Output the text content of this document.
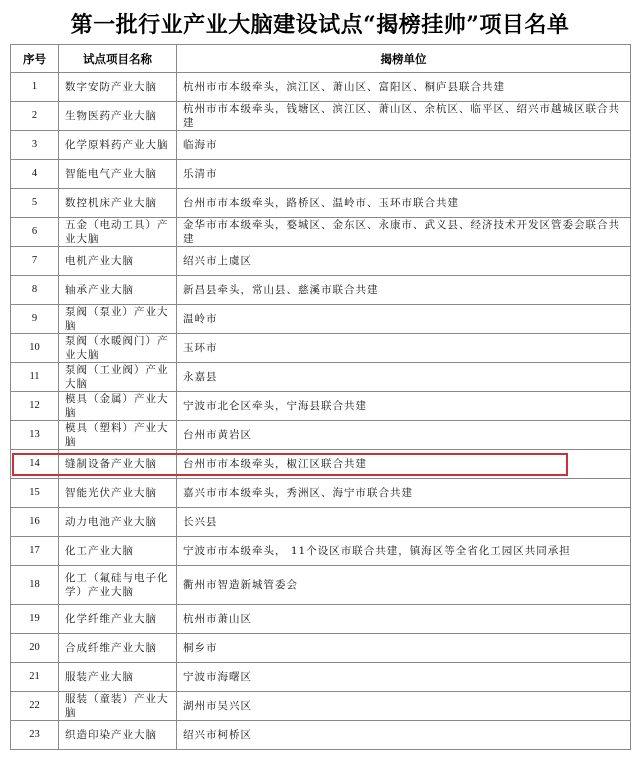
第一批行业产业大脑建设试点“揭榜挂帅”项目名单
序号	试点项目名称	揭榜单位
1	数字安防产业大脑	杭州市市本级牵头，滨江区、萧山区、富阳区、桐庐县联合共建
2	生物医药产业大脑	杭州市市本级牵头，钱塘区、滨江区、萧山区、余杭区、临平区、绍兴市越城区联合共建
3	化学原料药产业大脑	临海市
4	智能电气产业大脑	乐清市
5	数控机床产业大脑	台州市市本级牵头，路桥区、温岭市、玉环市联合共建
6	五金（电动工具）产业大脑	金华市市本级牵头，婺城区、金东区、永康市、武义县、经济技术开发区管委会联合共建
7	电机产业大脑	绍兴市上虞区
8	轴承产业大脑	新昌县牵头，常山县、慈溪市联合共建
9	泵阀（泵业）产业大脑	温岭市
10	泵阀（水暖阀门）产业大脑	玉环市
11	泵阀（工业阀）产业大脑	永嘉县
12	模具（金属）产业大脑	宁波市北仑区牵头，宁海县联合共建
13	模具（塑料）产业大脑	台州市黄岩区
14	缝制设备产业大脑	台州市市本级牵头，椒江区联合共建
15	智能光伏产业大脑	嘉兴市市本级牵头，秀洲区、海宁市联合共建
16	动力电池产业大脑	长兴县
17	化工产业大脑	宁波市市本级牵头， 11个设区市联合共建，镇海区等全省化工园区共同承担
18	化工（氟硅与电子化学）产业大脑	衢州市智造新城管委会
19	化学纤维产业大脑	杭州市萧山区
20	合成纤维产业大脑	桐乡市
21	服装产业大脑	宁波市海曙区
22	服装（童装）产业大脑	湖州市吴兴区
23	织造印染产业大脑	绍兴市柯桥区
